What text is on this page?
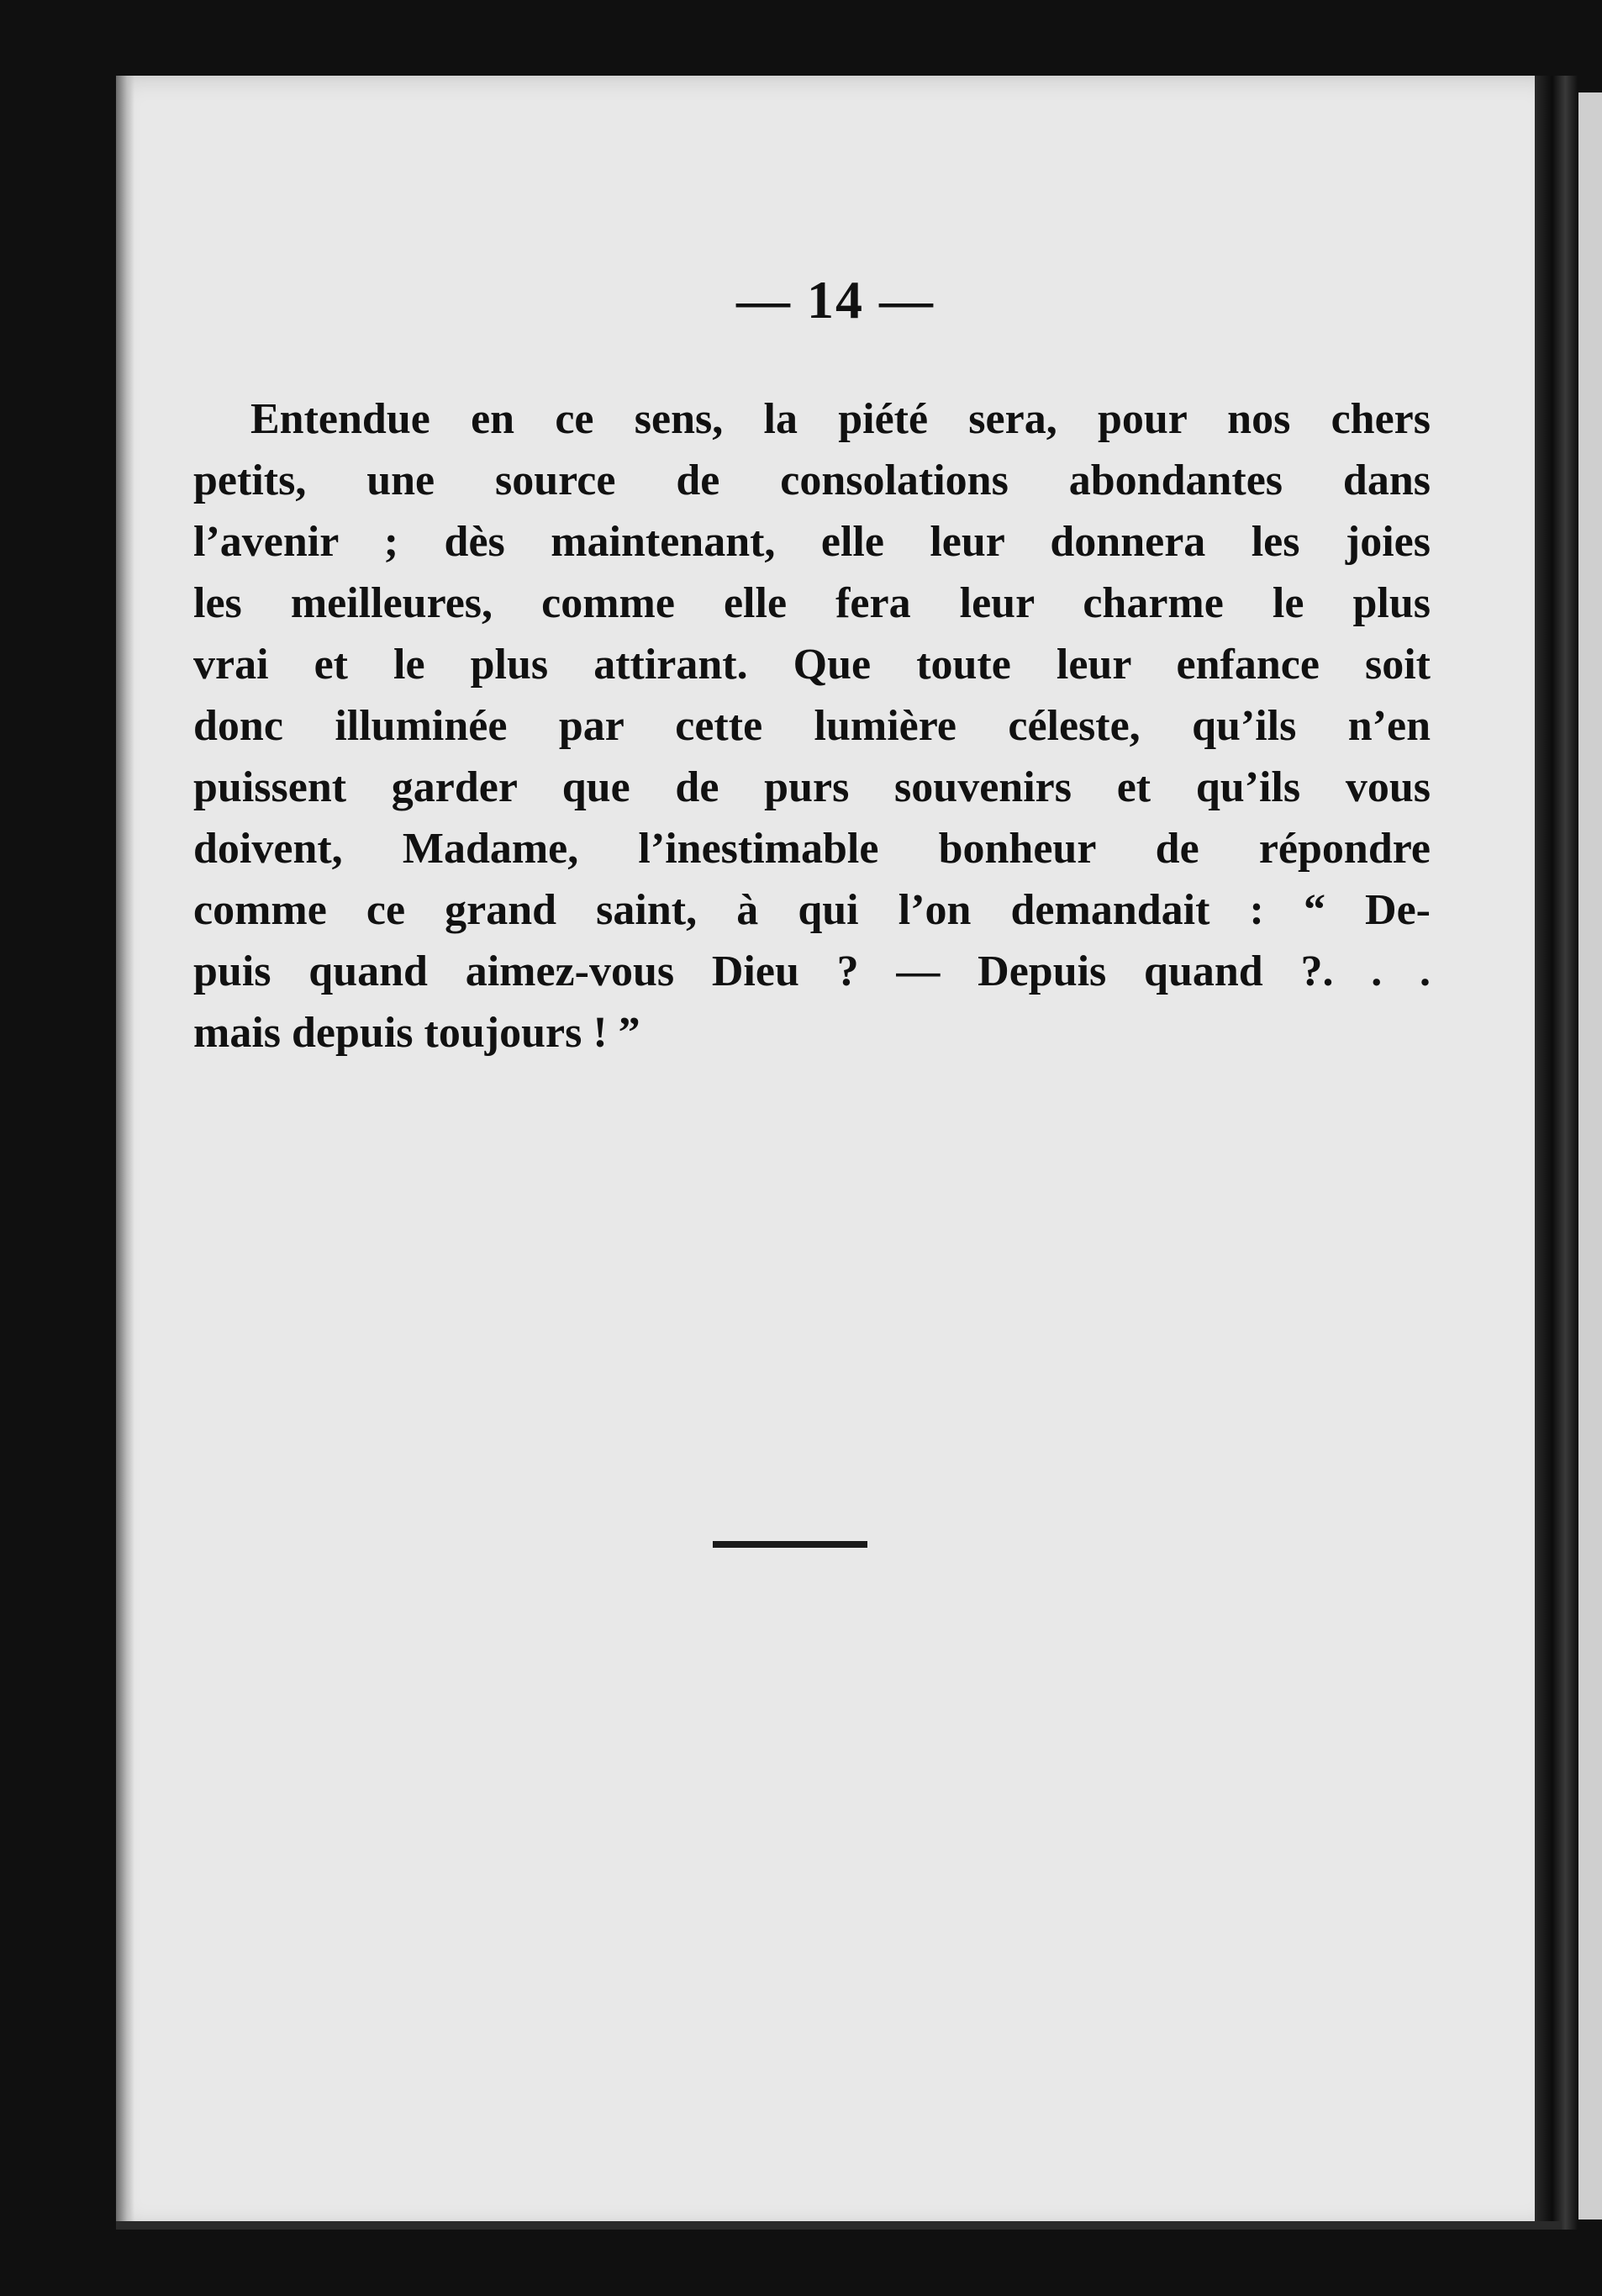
— 14 —
Entendue en ce sens, la piété sera, pour nos chers
petits, une source de consolations abondantes dans
l’avenir ; dès maintenant, elle leur donnera les joies
les meilleures, comme elle fera leur charme le plus
vrai et le plus attirant. Que toute leur enfance soit
donc illuminée par cette lumière céleste, qu’ils n’en
puissent garder que de purs souvenirs et qu’ils vous
doivent, Madame, l’inestimable bonheur de répondre
comme ce grand saint, à qui l’on demandait : “ De-
puis quand aimez-vous Dieu ? — Depuis quand ?. . .
mais depuis toujours ! ”
